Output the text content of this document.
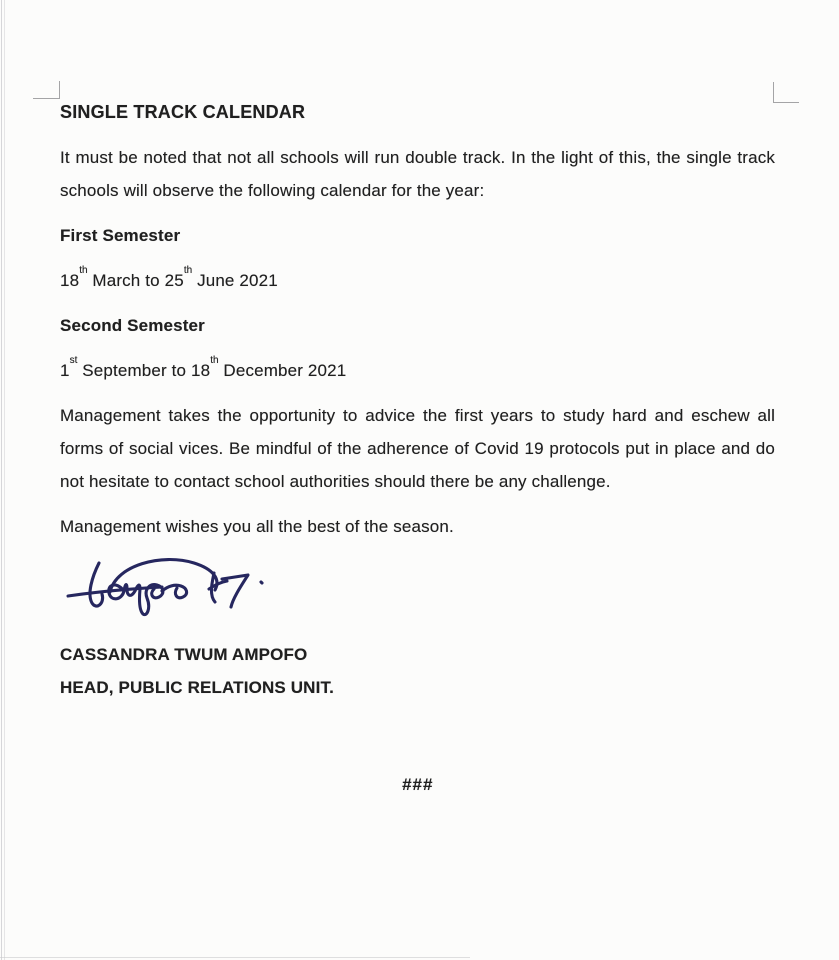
SINGLE TRACK CALENDAR

It must be noted that not all schools will run double track. In the light of this, the single track schools will observe the following calendar for the year:

First Semester

18th March to 25th June 2021

Second Semester

1st September to 18th December 2021

Management takes the opportunity to advice the first years to study hard and eschew all forms of social vices. Be mindful of the adherence of Covid 19 protocols put in place and do not hesitate to contact school authorities should there be any challenge.

Management wishes you all the best of the season.

CASSANDRA TWUM AMPOFO

HEAD, PUBLIC RELATIONS UNIT.

###
